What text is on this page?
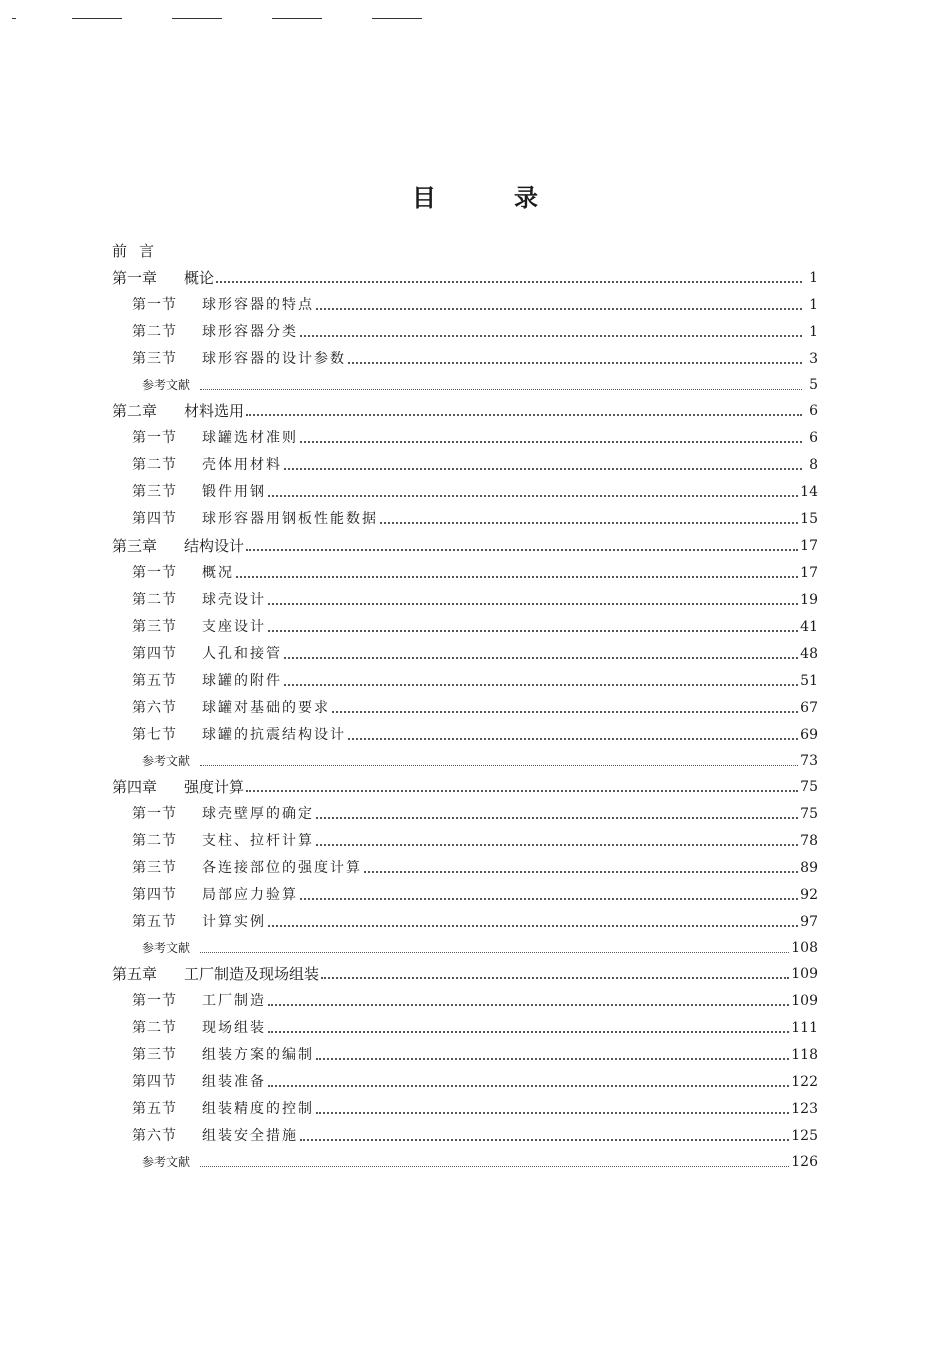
目录
前言
第一章	概论	1
第一节	球形容器的特点	1
第二节	球形容器分类	1
第三节	球形容器的设计参数	3
参考文献	5
第二章	材料选用	6
第一节	球罐选材准则	6
第二节	壳体用材料	8
第三节	锻件用钢	14
第四节	球形容器用钢板性能数据	15
第三章	结构设计	17
第一节	概况	17
第二节	球壳设计	19
第三节	支座设计	41
第四节	人孔和接管	48
第五节	球罐的附件	51
第六节	球罐对基础的要求	67
第七节	球罐的抗震结构设计	69
参考文献	73
第四章	强度计算	75
第一节	球壳壁厚的确定	75
第二节	支柱、拉杆计算	78
第三节	各连接部位的强度计算	89
第四节	局部应力验算	92
第五节	计算实例	97
参考文献	108
第五章	工厂制造及现场组装	109
第一节	工厂制造	109
第二节	现场组装	111
第三节	组装方案的编制	118
第四节	组装准备	122
第五节	组装精度的控制	123
第六节	组装安全措施	125
参考文献	126
